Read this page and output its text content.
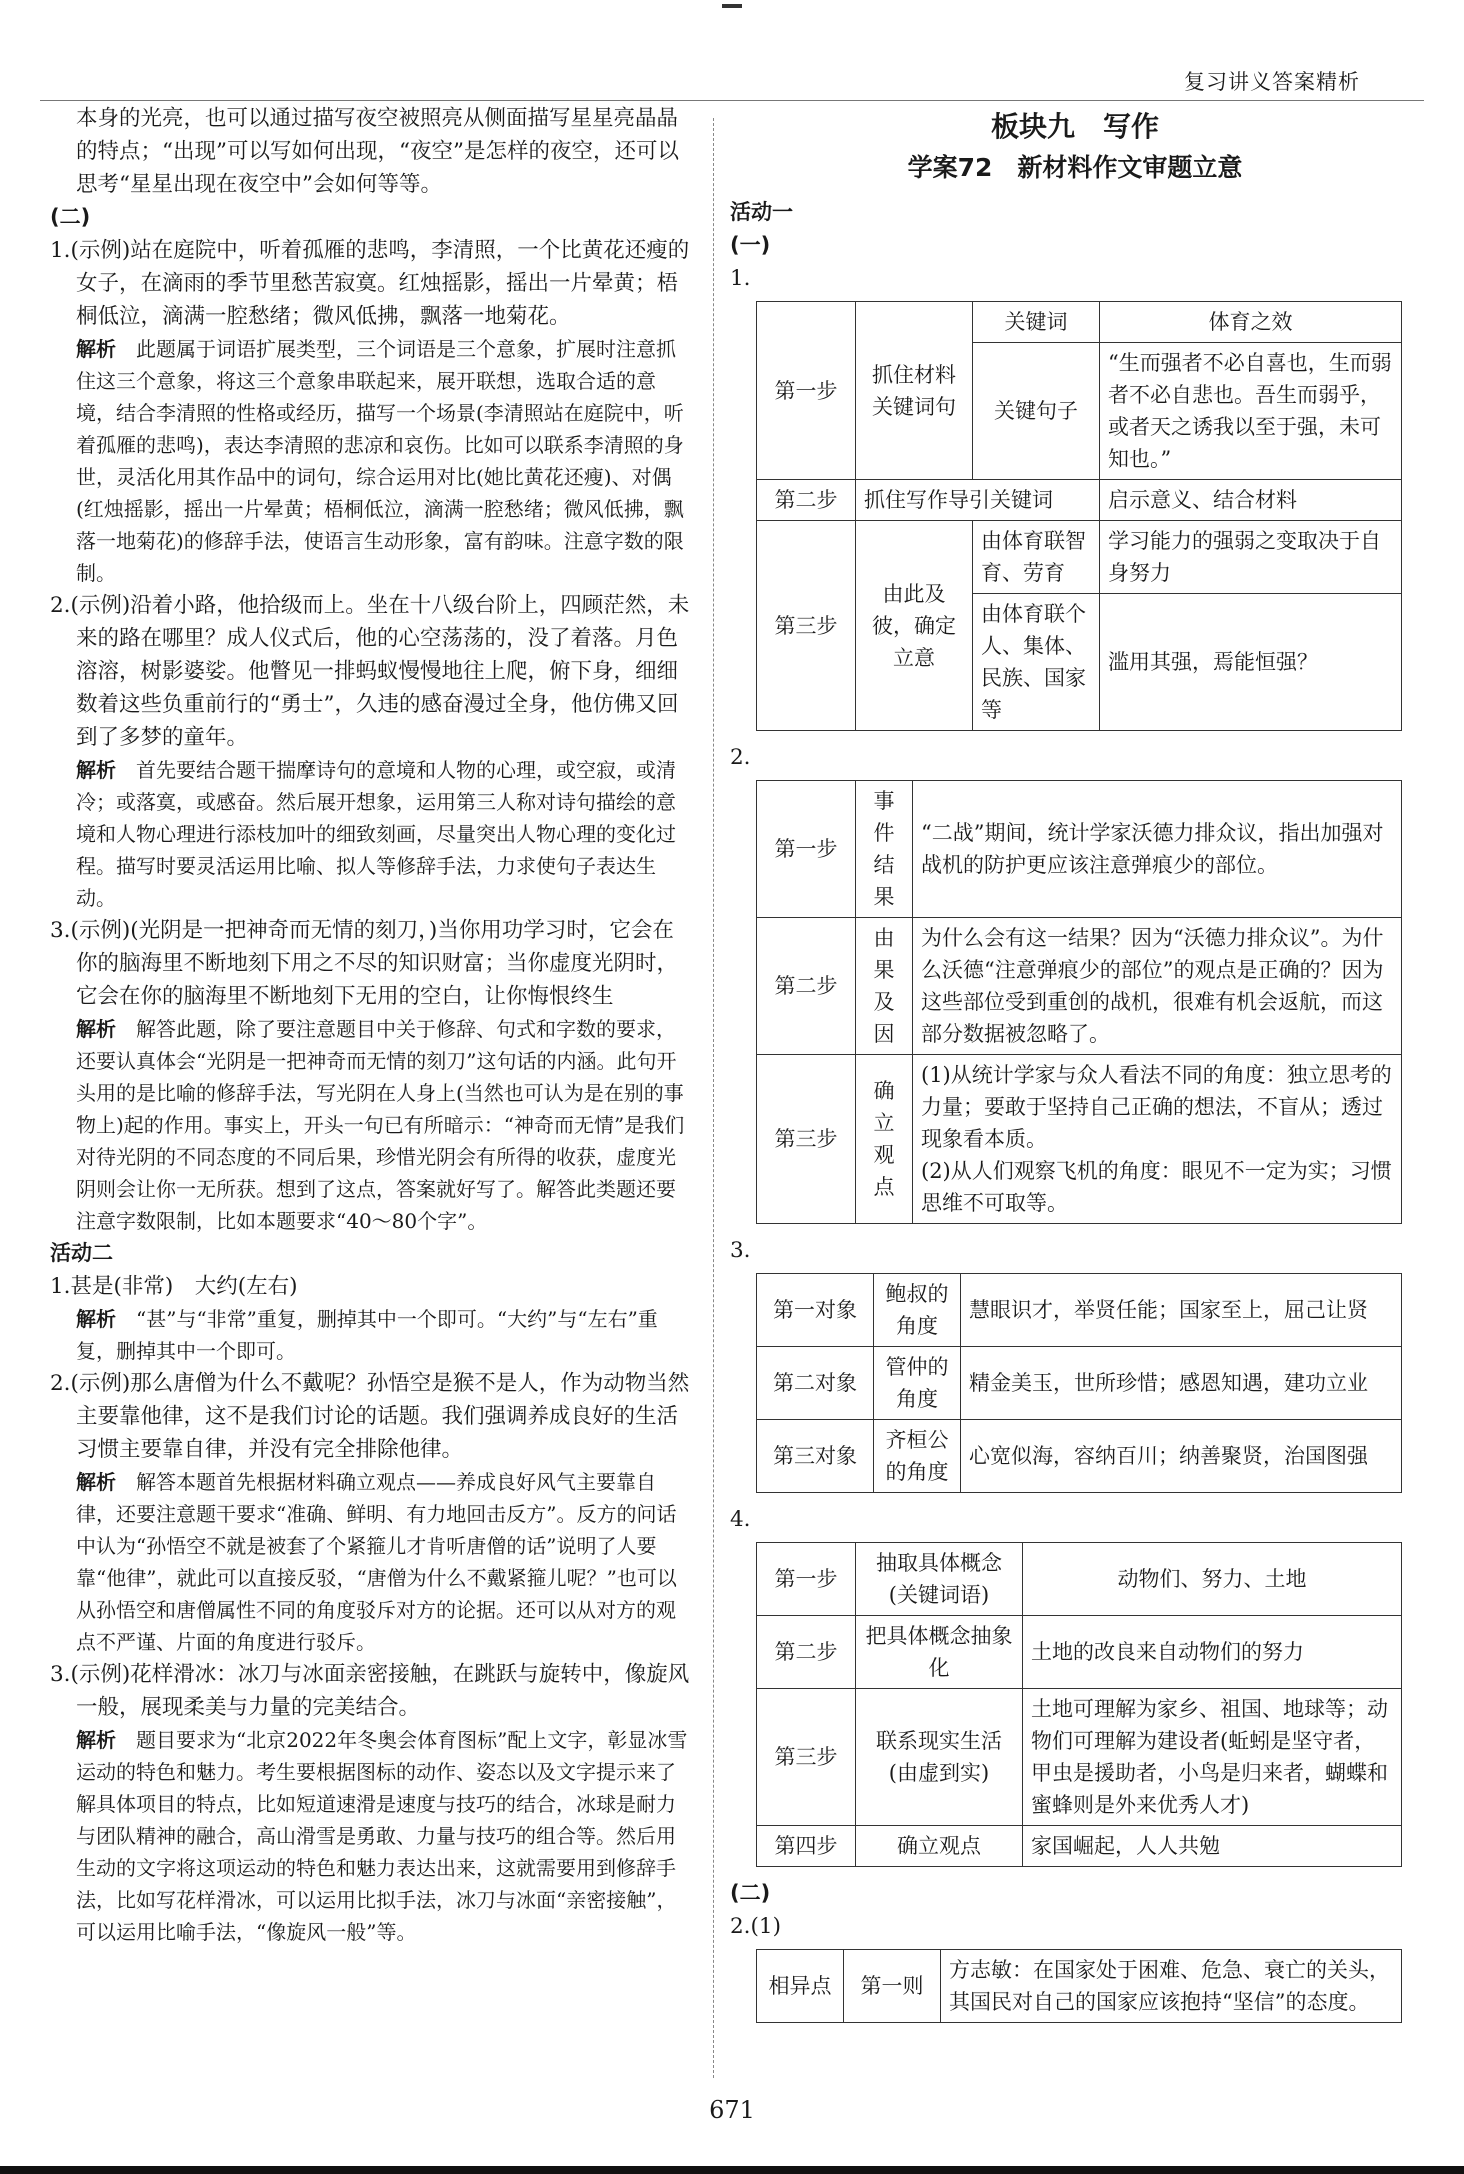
复习讲义答案精析

本身的光亮，也可以通过描写夜空被照亮从侧面描写星星亮晶晶的特点；“出现”可以写如何出现，“夜空”是怎样的夜空，还可以思考“星星出现在夜空中”会如何等等。

(二)

1.(示例)站在庭院中，听着孤雁的悲鸣，李清照，一个比黄花还瘦的女子，在滴雨的季节里愁苦寂寞。红烛摇影，摇出一片晕黄；梧桐低泣，滴满一腔愁绪；微风低拂，飘落一地菊花。

解析　 此题属于词语扩展类型，三个词语是三个意象，扩展时注意抓住这三个意象，将这三个意象串联起来，展开联想，选取合适的意境，结合李清照的性格或经历，描写一个场景(李清照站在庭院中，听着孤雁的悲鸣)，表达李清照的悲凉和哀伤。比如可以联系李清照的身世，灵活化用其作品中的词句，综合运用对比(她比黄花还瘦)、对偶(红烛摇影，摇出一片晕黄；梧桐低泣，滴满一腔愁绪；微风低拂，飘落一地菊花)的修辞手法，使语言生动形象，富有韵味。注意字数的限制。

2.(示例)沿着小路，他拾级而上。坐在十八级台阶上，四顾茫然，未来的路在哪里？成人仪式后，他的心空荡荡的，没了着落。月色溶溶，树影婆娑。他瞥见一排蚂蚁慢慢地往上爬，俯下身，细细数着这些负重前行的“勇士”，久违的感奋漫过全身，他仿佛又回到了多梦的童年。

解析　 首先要结合题干揣摩诗句的意境和人物的心理，或空寂，或清冷；或落寞，或感奋。然后展开想象，运用第三人称对诗句描绘的意境和人物心理进行添枝加叶的细致刻画，尽量突出人物心理的变化过程。描写时要灵活运用比喻、拟人等修辞手法，力求使句子表达生动。

3.(示例)(光阴是一把神奇而无情的刻刀，)当你用功学习时，它会在你的脑海里不断地刻下用之不尽的知识财富；当你虚度光阴时，它会在你的脑海里不断地刻下无用的空白，让你悔恨终生

解析　 解答此题，除了要注意题目中关于修辞、句式和字数的要求，还要认真体会“光阴是一把神奇而无情的刻刀”这句话的内涵。此句开头用的是比喻的修辞手法，写光阴在人身上(当然也可认为是在别的事物上)起的作用。事实上，开头一句已有所暗示：“神奇而无情”是我们对待光阴的不同态度的不同后果，珍惜光阴会有所得的收获，虚度光阴则会让你一无所获。想到了这点，答案就好写了。解答此类题还要注意字数限制，比如本题要求“40～80个字”。

活动二

1.甚是(非常)　大约(左右)

解析　 “甚”与“非常”重复，删掉其中一个即可。“大约”与“左右”重复，删掉其中一个即可。

2.(示例)那么唐僧为什么不戴呢？孙悟空是猴不是人，作为动物当然主要靠他律，这不是我们讨论的话题。我们强调养成良好的生活习惯主要靠自律，并没有完全排除他律。

解析　 解答本题首先根据材料确立观点——养成良好风气主要靠自律，还要注意题干要求“准确、鲜明、有力地回击反方”。反方的问话中认为“孙悟空不就是被套了个紧箍儿才肯听唐僧的话”说明了人要靠“他律”，就此可以直接反驳，“唐僧为什么不戴紧箍儿呢？”也可以从孙悟空和唐僧属性不同的角度驳斥对方的论据。还可以从对方的观点不严谨、片面的角度进行驳斥。

3.(示例)花样滑冰：冰刀与冰面亲密接触，在跳跃与旋转中，像旋风一般，展现柔美与力量的完美结合。

解析　 题目要求为“北京2022年冬奥会体育图标”配上文字，彰显冰雪运动的特色和魅力。考生要根据图标的动作、姿态以及文字提示来了解具体项目的特点，比如短道速滑是速度与技巧的结合，冰球是耐力与团队精神的融合，高山滑雪是勇敢、力量与技巧的组合等。然后用生动的文字将这项运动的特色和魅力表达出来，这就需要用到修辞手法，比如写花样滑冰，可以运用比拟手法，冰刀与冰面“亲密接触”，可以运用比喻手法，“像旋风一般”等。

板块九　写作
学案72　新材料作文审题立意

活动一

(一)

1.

第一步	抓住材料关键词句	关键词	体育之效
		关键句子	“生而强者不必自喜也，生而弱者不必自悲也。吾生而弱乎，或者天之诱我以至于强，未可知也。”
第二步	抓住写作导引关键词		启示意义、结合材料
第三步	由此及彼，确定立意	由体育联智育、劳育	学习能力的强弱之变取决于自身努力
		由体育联个人、集体、民族、国家等	滥用其强，焉能恒强？

2.

第一步	事件结果	“二战”期间，统计学家沃德力排众议，指出加强对战机的防护更应该注意弹痕少的部位。
第二步	由果及因	为什么会有这一结果？因为“沃德力排众议”。为什么沃德“注意弹痕少的部位”的观点是正确的？因为这些部位受到重创的战机，很难有机会返航，而这部分数据被忽略了。
第三步	确立观点	(1)从统计学家与众人看法不同的角度：独立思考的力量；要敢于坚持自己正确的想法，不盲从；透过现象看本质。
(2)从人们观察飞机的角度：眼见不一定为实；习惯思维不可取等。

3.

第一对象	鲍叔的角度	慧眼识才，举贤任能；国家至上，屈己让贤
第二对象	管仲的角度	精金美玉，世所珍惜；感恩知遇，建功立业
第三对象	齐桓公的角度	心宽似海，容纳百川；纳善聚贤，治国图强

4.

第一步	抽取具体概念(关键词语)	动物们、努力、土地
第二步	把具体概念抽象化	土地的改良来自动物们的努力
第三步	联系现实生活(由虚到实)	土地可理解为家乡、祖国、地球等；动物们可理解为建设者(蚯蚓是坚守者，甲虫是援助者，小鸟是归来者，蝴蝶和蜜蜂则是外来优秀人才)
第四步	确立观点	家国崛起，人人共勉

(二)

2.(1)

相异点	第一则	方志敏：在国家处于困难、危急、衰亡的关头，其国民对自己的国家应该抱持“坚信”的态度。
671
